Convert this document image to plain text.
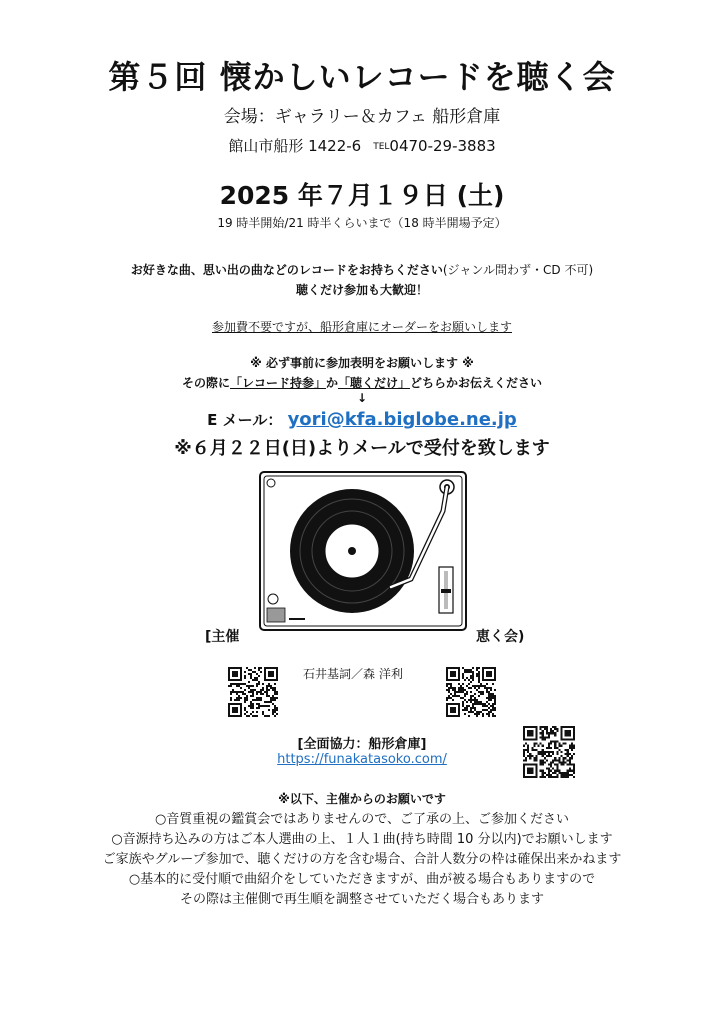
第５回 懐かしいレコードを聴く会
会場：ギャラリー＆カフェ 船形倉庫
館山市船形 1422-6 TEL0470-29-3883
2025 年７月１９日 (土)
19 時半開始/21 時半くらいまで（18 時半開場予定）
お好きな曲、思い出の曲などのレコードをお持ちください(ジャンル問わず・CD 不可)
聴くだけ参加も大歓迎！
参加費不要ですが、船形倉庫にオーダーをお願いします
※ 必ず事前に参加表明をお願いします ※
その際に「レコード持参」か「聴くだけ」どちらかお伝えください
↓
E メール： yori@kfa.biglobe.ne.jp
※６月２２日(日)よりメールで受付を致します
[主催	恵く会)
石井基詞／森 洋利
[全面協力：船形倉庫]
https://funakatasoko.com/
※以下、主催からのお願いです
○音質重視の鑑賞会ではありませんので、ご了承の上、ご参加ください
○音源持ち込みの方はご本人選曲の上、１人１曲(持ち時間 10 分以内)でお願いします
ご家族やグループ参加で、聴くだけの方を含む場合、合計人数分の枠は確保出来かねます
○基本的に受付順で曲紹介をしていただきますが、曲が被る場合もありますので
その際は主催側で再生順を調整させていただく場合もあります
